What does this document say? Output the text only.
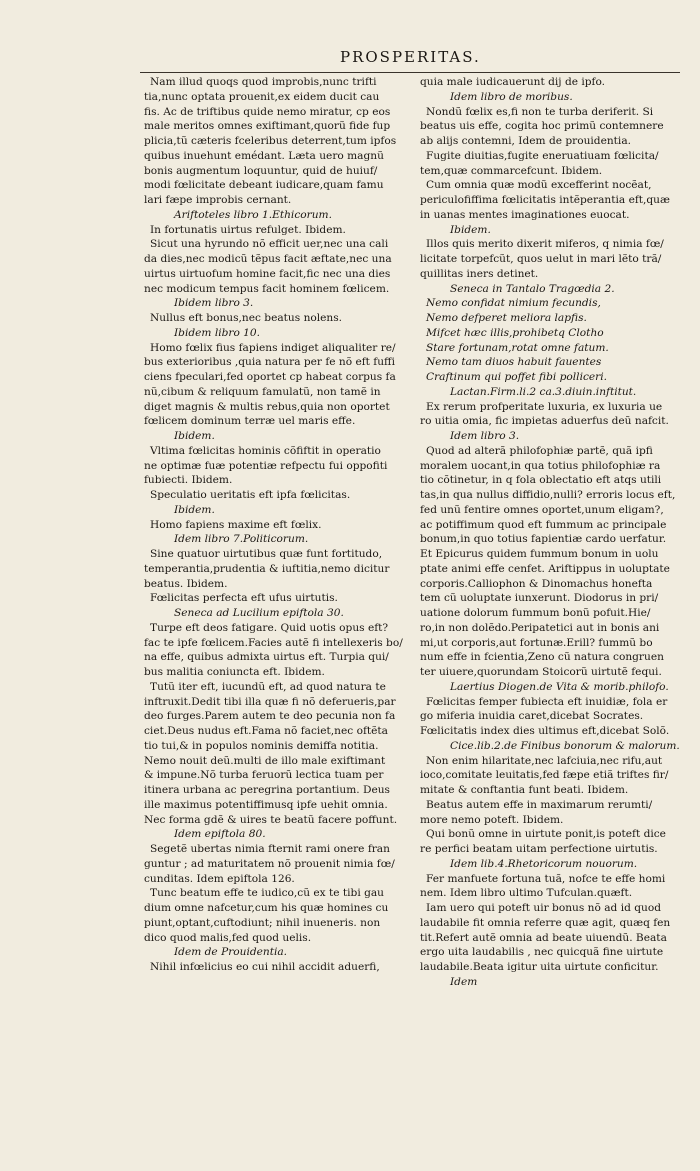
PROSPERITAS.
Nam illud quoqs quod improbis,nunc trifti
tia,nunc optata prouenit,ex eidem ducit cau
fis. Ac de triftibus quide nemo miratur, cp eos
male meritos omnes exiftimant,quorũ fide fup
plicia,tũ cæteris fceleribus deterrent,tum ipfos
quibus inuehunt emédant. Læta uero magnũ
bonis augmentum loquuntur, quid de huiuf/
modi fœlicitate debeant iudicare,quam famu
lari fæpe improbis cernant.
Ariftoteles libro 1.Ethicorum.
In fortunatis uirtus refulget. Ibidem.
Sicut una hyrundo nõ efficit uer,nec una cali
da dies,nec modicũ tẽpus facit æftate,nec una
uirtus uirtuofum homine facit,fic nec una dies
nec modicum tempus facit hominem fœlicem.
Ibidem libro 3.
Nullus eft bonus,nec beatus nolens.
Ibidem libro 10.
Homo fœlix fius fapiens indiget aliqualiter re/
bus exterioribus ,quia natura per fe nõ eft fuffi
ciens fpeculari,fed oportet cp habeat corpus fa
nũ,cibum & reliquum famulatũ, non tamẽ in
diget magnis & multis rebus,quia non oportet
fœlicem dominum terræ uel maris effe.
Ibidem.
Vltima fœlicitas hominis cõfiftit in operatio
ne optimæ fuæ potentiæ refpectu fui oppofiti
fubiecti. Ibidem.
Speculatio ueritatis eft ipfa fœlicitas.
Ibidem.
Homo fapiens maxime eft fœlix.
Idem libro 7.Politicorum.
Sine quatuor uirtutibus quæ funt fortitudo,
temperantia,prudentia & iuftitia,nemo dicitur
beatus. Ibidem.
Fœlicitas perfecta eft ufus uirtutis.
Seneca ad Lucilium epiftola 30.
Turpe eft deos fatigare. Quid uotis opus eft?
fac te ipfe fœlicem.Facies autẽ fi intellexeris bo/
na effe, quibus admixta uirtus eft. Turpia qui/
bus malitia coniuncta eft. Ibidem.
Tutũ iter eft, iucundũ eft, ad quod natura te
inftruxit.Dedit tibi illa quæ fi nõ deferueris,par
deo furges.Parem autem te deo pecunia non fa
ciet.Deus nudus eft.Fama nõ faciet,nec oftẽta
tio tui,& in populos nominis demiffa notitia.
Nemo nouit deũ.multi de illo male exiftimant
& impune.Nõ turba feruorũ lectica tuam per
itinera urbana ac peregrina portantium. Deus
ille maximus potentiffimusq ipfe uehit omnia.
Nec forma gdẽ & uires te beatũ facere poffunt.
Idem epiftola 80.
Segetẽ ubertas nimia fternit rami onere fran
guntur ; ad maturitatem nõ prouenit nimia fœ/
cunditas. Idem epiftola 126.
Tunc beatum effe te iudico,cũ ex te tibi gau
dium omne nafcetur,cum his quæ homines cu
piunt,optant,cuftodiunt; nihil inueneris. non
dico quod malis,fed quod uelis.
Idem de Prouidentia.
Nihil infœlicius eo cui nihil accidit aduerfi,
quia male iudicauerunt dij de ipfo.
Idem libro de moribus.
Nondũ fœlix es,fi non te turba deriferit. Si
beatus uis effe, cogita hoc primũ contemnere
ab alijs contemni, Idem de prouidentia.
Fugite diuitias,fugite eneruatiuam fœlicita/
tem,quæ commarcefcunt. Ibidem.
Cum omnia quæ modũ excefferint nocẽat,
periculofiffima fœlicitatis intẽperantia eft,quæ
in uanas mentes imaginationes euocat.
Ibidem.
Illos quis merito dixerit miferos, q nimia fœ/
licitate torpefcũt, quos uelut in mari lẽto trã/
quillitas iners detinet.
Seneca in Tantalo Tragœdia 2.
Nemo confidat nimium fecundis,
Nemo defperet meliora lapfis.
Mifcet hæc illis,prohibetq Clotho
Stare fortunam,rotat omne fatum.
Nemo tam diuos habuit fauentes
Craftinum qui poffet fibi polliceri.
Lactan.Firm.li.2 ca.3.diuin.inftitut.
Ex rerum profperitate luxuria, ex luxuria ue
ro uitia omia, fic impietas aduerfus deũ nafcit.
Idem libro 3.
Quod ad alterã philofophiæ partẽ, quã ipfi
moralem uocant,in qua totius philofophiæ ra
tio cõtinetur, in q fola oblectatio eft atqs utili
tas,in qua nullus diffidio,nulli? erroris locus eft,
fed unũ fentire omnes oportet,unum eligam?,
ac potiffimum quod eft fummum ac principale
bonum,in quo totius fapientiæ cardo uerfatur.
Et Epicurus quidem fummum bonum in uolu
ptate animi effe cenfet. Ariftippus in uoluptate
corporis.Calliophon & Dinomachus honefta
tem cũ uoluptate iunxerunt. Diodorus in pri/
uatione dolorum fummum bonũ pofuit.Hie/
ro,in non dolẽdo.Peripatetici aut in bonis ani
mi,ut corporis,aut fortunæ.Erill? fummũ bo
num effe in fcientia,Zeno cũ natura congruen
ter uiuere,quorundam Stoicorũ uirtutẽ fequi.
Laertius Diogen.de Vita & morib.philofo.
Fœlicitas femper fubiecta eft inuidiæ, fola er
go miferia inuidia caret,dicebat Socrates.
Fœlicitatis index dies ultimus eft,dicebat Solõ.
Cice.lib.2.de Finibus bonorum & malorum.
Non enim hilaritate,nec lafciuia,nec rifu,aut
ioco,comitate leuitatis,fed fæpe etiã triftes fir/
mitate & conftantia funt beati. Ibidem.
Beatus autem effe in maximarum rerumti/
more nemo poteft. Ibidem.
Qui bonũ omne in uirtute ponit,is poteft dice
re perfici beatam uitam perfectione uirtutis.
Idem lib.4.Rhetoricorum nouorum.
Fer manfuete fortuna tuã, nofce te effe homi
nem. Idem libro ultimo Tufculan.quæft.
Iam uero qui poteft uir bonus nõ ad id quod
laudabile fit omnia referre quæ agit, quæq fen
tit.Refert autẽ omnia ad beate uiuendũ. Beata
ergo uita laudabilis , nec quicquã fine uirtute
laudabile.Beata igitur uita uirtute conficitur.
Idem
